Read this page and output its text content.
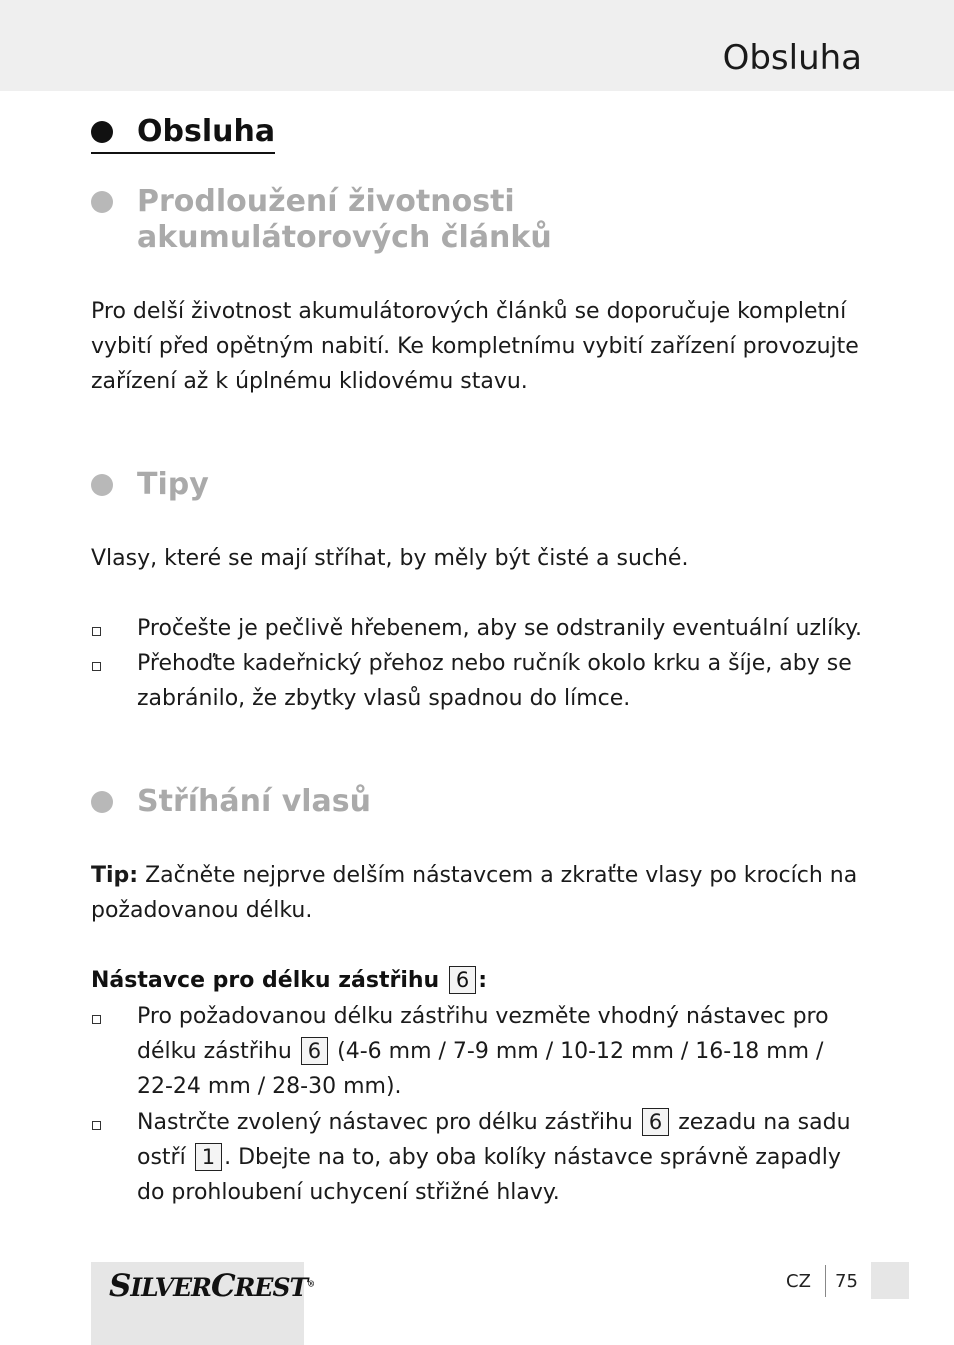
Obsluha
Obsluha
Prodloužení životnosti
akumulátorových článků
Pro delší životnost akumulátorových článků se doporučuje kompletní
vybití před opětným nabití. Ke kompletnímu vybití zařízení provozujte
zařízení až k úplnému klidovému stavu.
Tipy
Vlasy, které se mají stříhat, by měly být čisté a suché.
Pročešte je pečlivě hřebenem, aby se odstranily eventuální uzlíky.
Přehoďte kadeřnický přehoz nebo ručník okolo krku a šíje, aby se
zabránilo, že zbytky vlasů spadnou do límce.
Stříhání vlasů
Tip: Začněte nejprve delším nástavcem a zkraťte vlasy po krocích na
požadovanou délku.
Nástavce pro délku zástřihu 6 :
Pro požadovanou délku zástřihu vezměte vhodný nástavec pro
délku zástřihu 6 (4-6 mm / 7-9 mm / 10-12 mm / 16-18 mm /
22-24 mm / 28-30 mm).
Nastrčte zvolený nástavec pro délku zástřihu 6 zezadu na sadu
ostří 1 . Dbejte na to, aby oba kolíky nástavce správně zapadly
do prohloubení uchycení střižné hlavy.
SILVERCREST®	CZ 75
